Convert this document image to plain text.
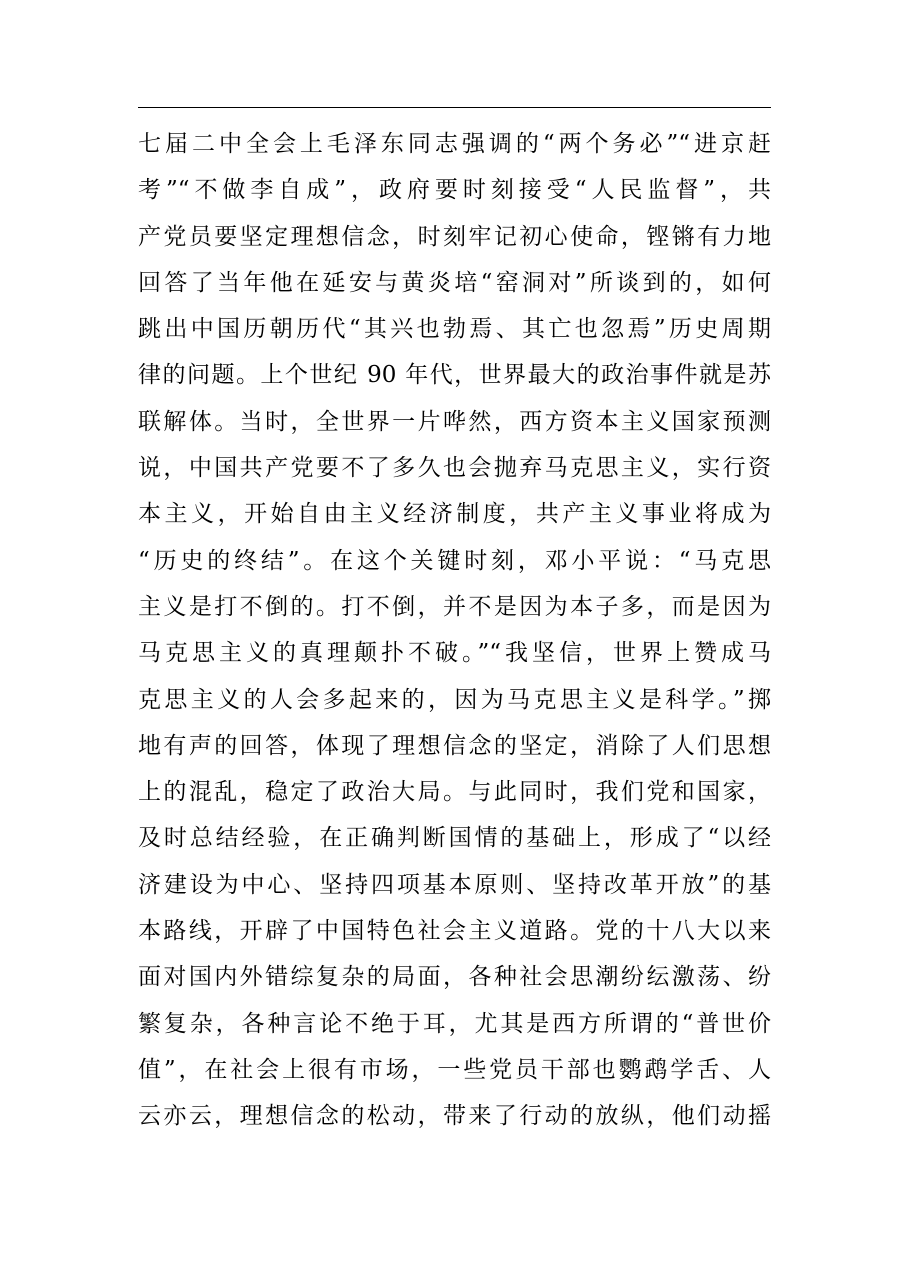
七届二中全会上毛泽东同志强调的“两个务必”“进京赶
考”“不做李自成”，政府要时刻接受“人民监督”，共
产党员要坚定理想信念，时刻牢记初心使命，铿锵有力地
回答了当年他在延安与黄炎培“窑洞对”所谈到的，如何
跳出中国历朝历代“其兴也勃焉、其亡也忽焉”历史周期
律的问题。上个世纪 90 年代，世界最大的政治事件就是苏
联解体。当时，全世界一片哗然，西方资本主义国家预测
说，中国共产党要不了多久也会抛弃马克思主义，实行资
本主义，开始自由主义经济制度，共产主义事业将成为
“历史的终结”。在这个关键时刻，邓小平说：“马克思
主义是打不倒的。打不倒，并不是因为本子多，而是因为
马克思主义的真理颠扑不破。”“我坚信，世界上赞成马
克思主义的人会多起来的，因为马克思主义是科学。”掷
地有声的回答，体现了理想信念的坚定，消除了人们思想
上的混乱，稳定了政治大局。与此同时，我们党和国家，
及时总结经验，在正确判断国情的基础上，形成了“以经
济建设为中心、坚持四项基本原则、坚持改革开放”的基
本路线，开辟了中国特色社会主义道路。党的十八大以来
面对国内外错综复杂的局面，各种社会思潮纷纭激荡、纷
繁复杂，各种言论不绝于耳，尤其是西方所谓的“普世价
值”，在社会上很有市场，一些党员干部也鹦鹉学舌、人
云亦云，理想信念的松动，带来了行动的放纵，他们动摇
